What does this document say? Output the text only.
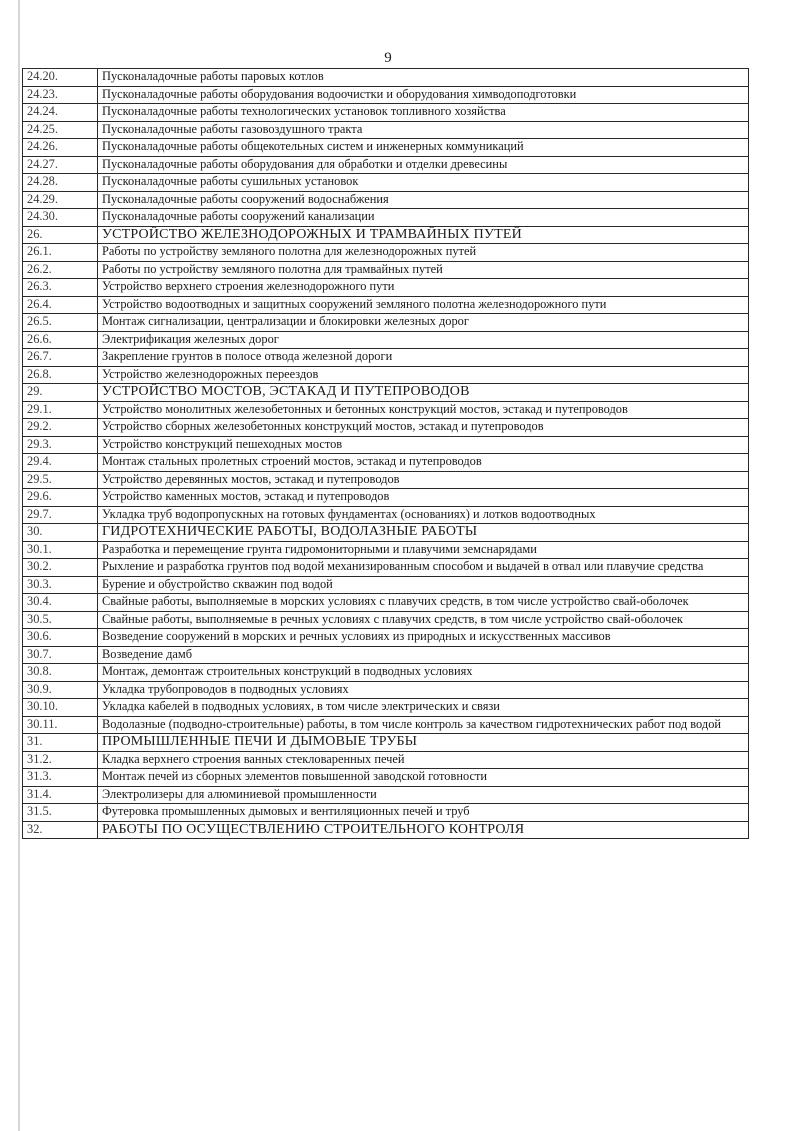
9
24.20.	Пусконаладочные работы паровых котлов
24.23.	Пусконаладочные работы оборудования водоочистки и оборудования химводоподготовки
24.24.	Пусконаладочные работы технологических установок топливного хозяйства
24.25.	Пусконаладочные работы газовоздушного тракта
24.26.	Пусконаладочные работы общекотельных систем и инженерных коммуникаций
24.27.	Пусконаладочные работы оборудования для обработки и отделки древесины
24.28.	Пусконаладочные работы сушильных установок
24.29.	Пусконаладочные работы сооружений водоснабжения
24.30.	Пусконаладочные работы сооружений канализации
26.	УСТРОЙСТВО ЖЕЛЕЗНОДОРОЖНЫХ И ТРАМВАЙНЫХ ПУТЕЙ
26.1.	Работы по устройству земляного полотна для железнодорожных путей
26.2.	Работы по устройству земляного полотна для трамвайных путей
26.3.	Устройство верхнего строения железнодорожного пути
26.4.	Устройство водоотводных и защитных сооружений земляного полотна железнодорожного пути
26.5.	Монтаж сигнализации, централизации и блокировки железных дорог
26.6.	Электрификация железных дорог
26.7.	Закрепление грунтов в полосе отвода железной дороги
26.8.	Устройство железнодорожных переездов
29.	УСТРОЙСТВО МОСТОВ, ЭСТАКАД И ПУТЕПРОВОДОВ
29.1.	Устройство монолитных железобетонных и бетонных конструкций мостов, эстакад и путепроводов
29.2.	Устройство сборных железобетонных конструкций мостов, эстакад и путепроводов
29.3.	Устройство конструкций пешеходных мостов
29.4.	Монтаж стальных пролетных строений мостов, эстакад и путепроводов
29.5.	Устройство деревянных мостов, эстакад и путепроводов
29.6.	Устройство каменных мостов, эстакад и путепроводов
29.7.	Укладка труб водопропускных на готовых фундаментах (основаниях) и лотков водоотводных
30.	ГИДРОТЕХНИЧЕСКИЕ РАБОТЫ, ВОДОЛАЗНЫЕ РАБОТЫ
30.1.	Разработка и перемещение грунта гидромониторными и плавучими земснарядами
30.2.	Рыхление и разработка грунтов под водой механизированным способом и выдачей в отвал или плавучие средства
30.3.	Бурение и обустройство скважин под водой
30.4.	Свайные работы, выполняемые в морских условиях с плавучих средств, в том числе устройство свай-оболочек
30.5.	Свайные работы, выполняемые в речных условиях с плавучих средств, в том числе устройство свай-оболочек
30.6.	Возведение сооружений в морских и речных условиях из природных и искусственных массивов
30.7.	Возведение дамб
30.8.	Монтаж, демонтаж строительных конструкций в подводных условиях
30.9.	Укладка трубопроводов в подводных условиях
30.10.	Укладка кабелей в подводных условиях, в том числе электрических и связи
30.11.	Водолазные (подводно-строительные) работы, в том числе контроль за качеством гидротехнических работ под водой
31.	ПРОМЫШЛЕННЫЕ ПЕЧИ И ДЫМОВЫЕ ТРУБЫ
31.2.	Кладка верхнего строения ванных стекловаренных печей
31.3.	Монтаж печей из сборных элементов повышенной заводской готовности
31.4.	Электролизеры для алюминиевой промышленности
31.5.	Футеровка промышленных дымовых и вентиляционных печей и труб
32.	РАБОТЫ ПО ОСУЩЕСТВЛЕНИЮ СТРОИТЕЛЬНОГО КОНТРОЛЯ
